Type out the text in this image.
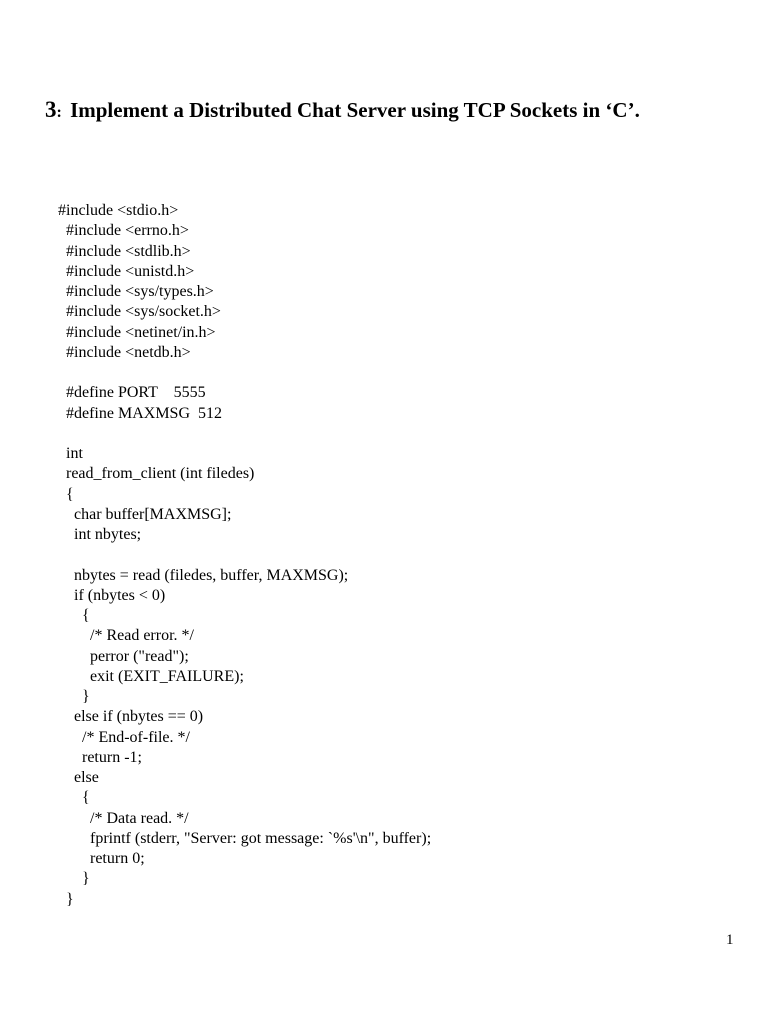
3: Implement a Distributed Chat Server using TCP Sockets in ‘C’.
#include <stdio.h>
#include <errno.h>
#include <stdlib.h>
#include <unistd.h>
#include <sys/types.h>
#include <sys/socket.h>
#include <netinet/in.h>
#include <netdb.h>
#define PORT    5555
#define MAXMSG  512
int
read_from_client (int filedes)
{
char buffer[MAXMSG];
int nbytes;
nbytes = read (filedes, buffer, MAXMSG);
if (nbytes < 0)
{
/* Read error. */
perror ("read");
exit (EXIT_FAILURE);
}
else if (nbytes == 0)
/* End-of-file. */
return -1;
else
{
/* Data read. */
fprintf (stderr, "Server: got message: `%s'\n", buffer);
return 0;
}
}
1
